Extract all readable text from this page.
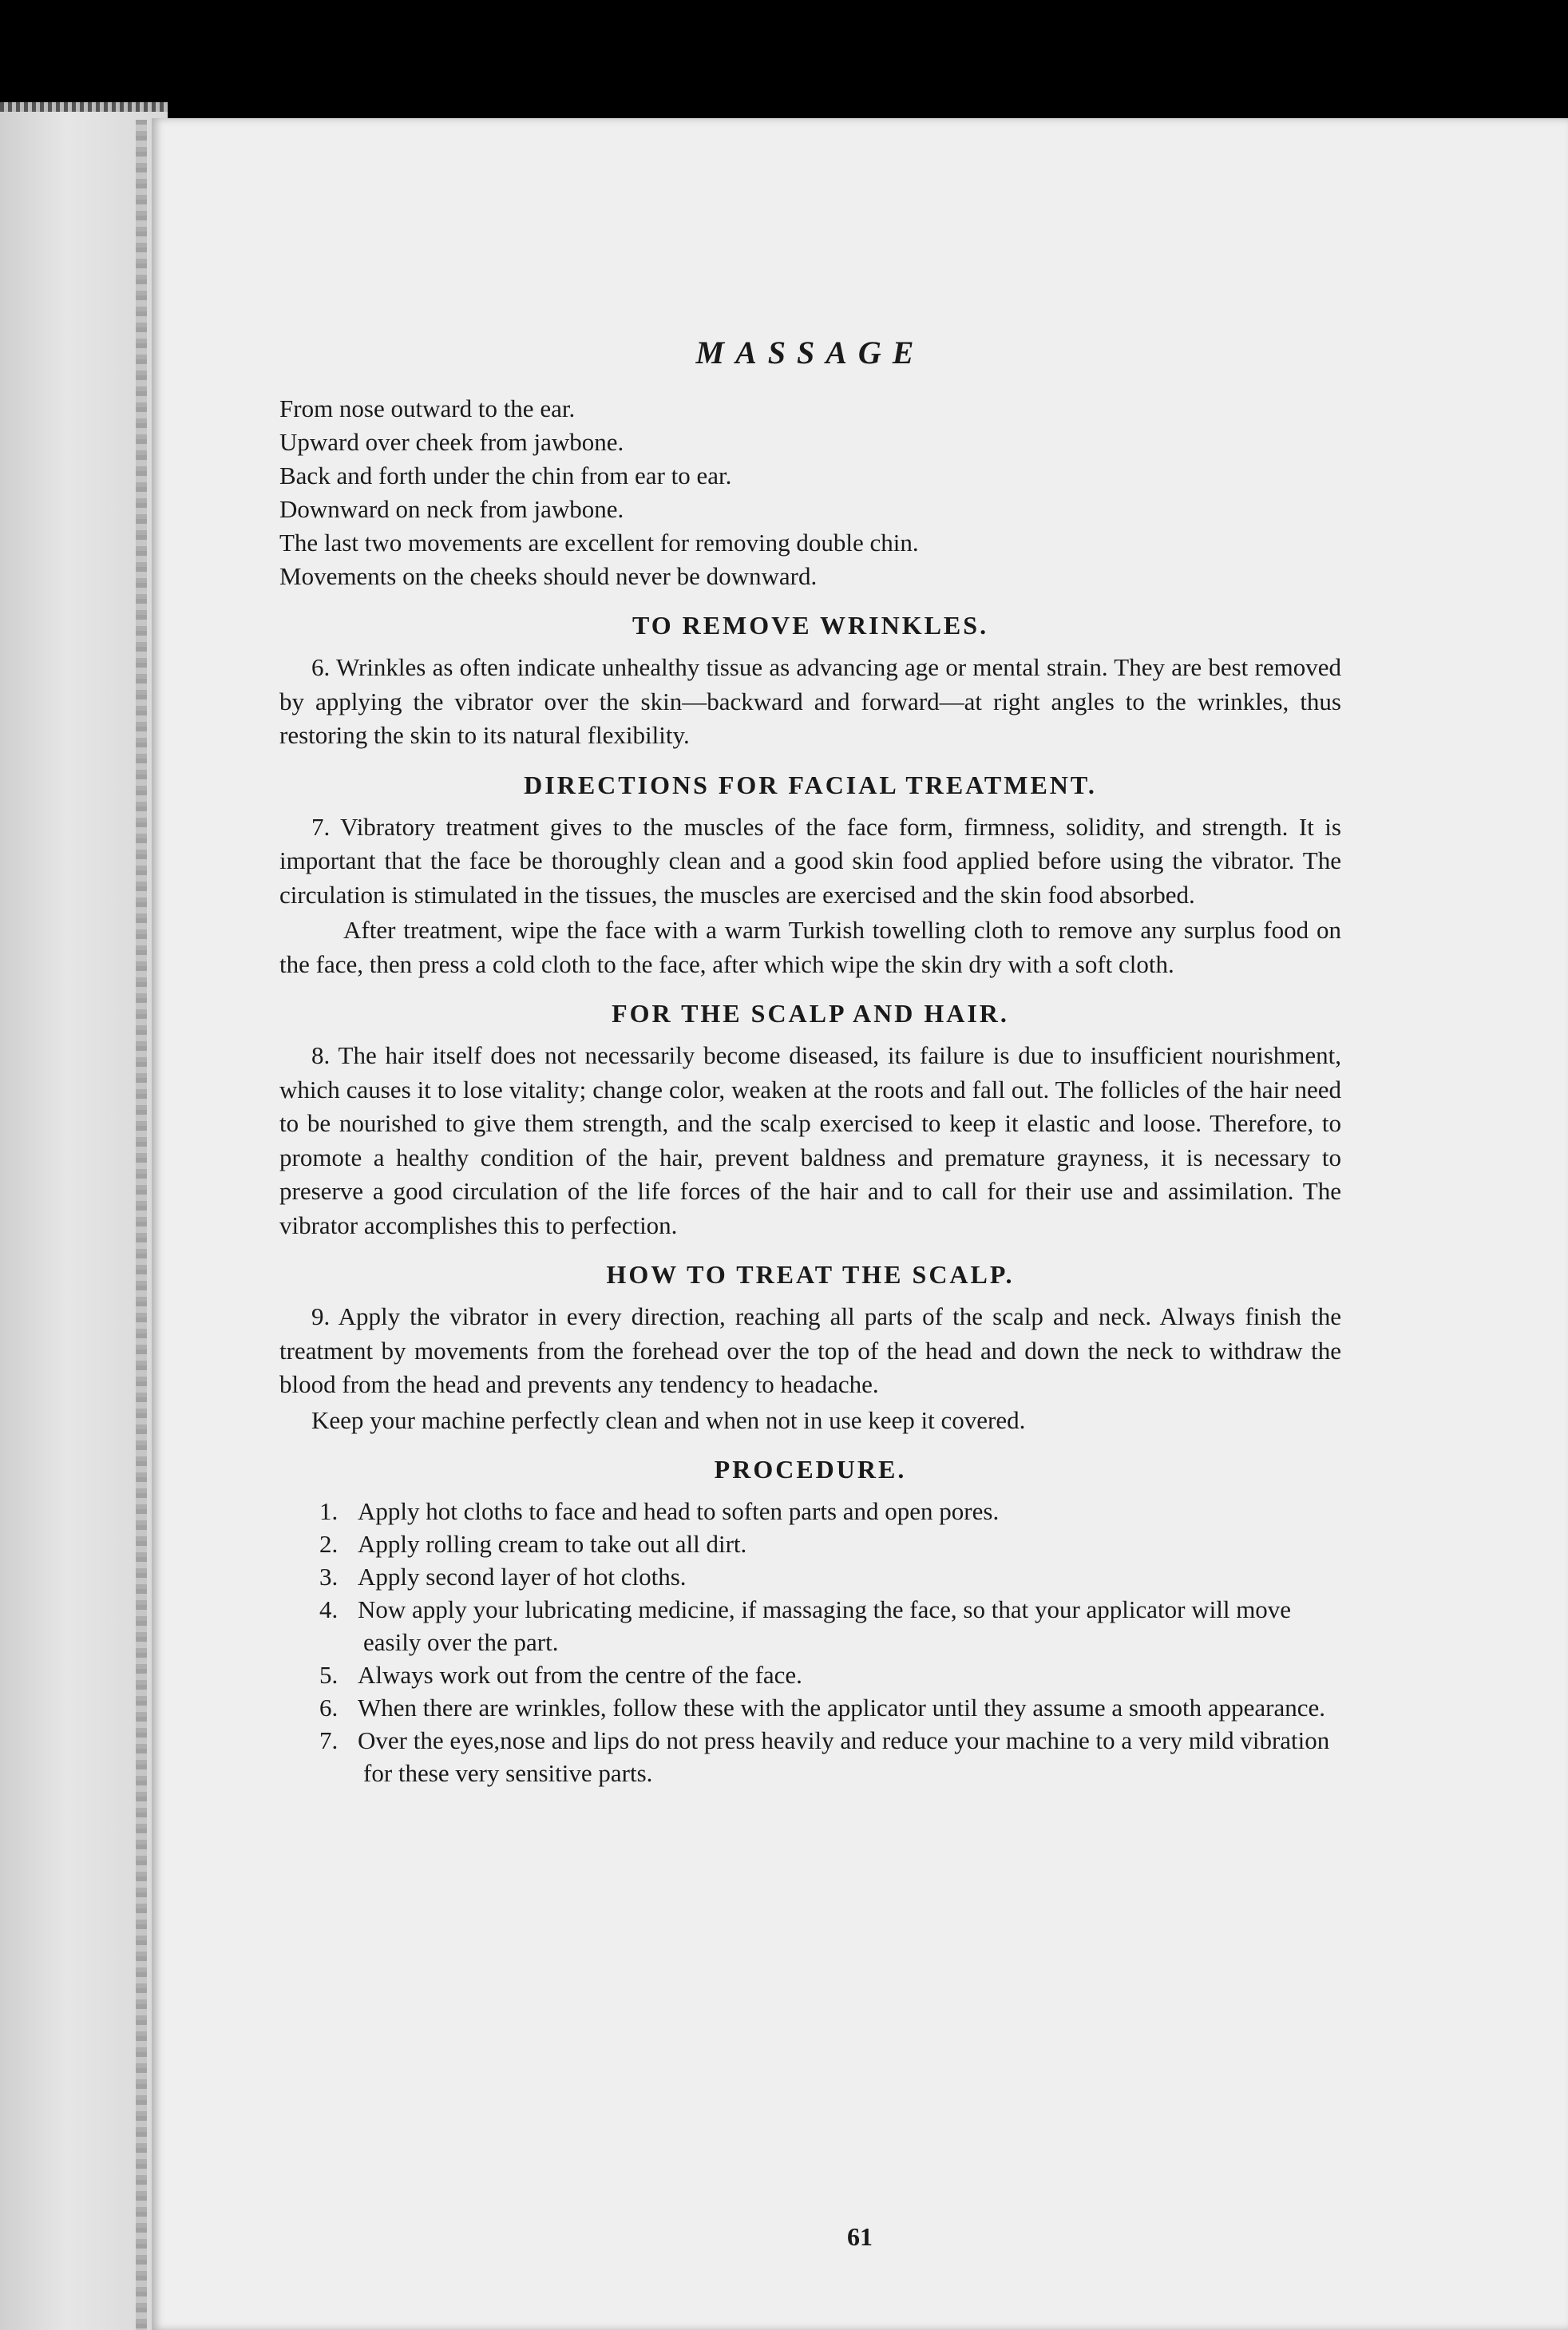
MASSAGE

From nose outward to the ear.

Upward over cheek from jawbone.

Back and forth under the chin from ear to ear.

Downward on neck from jawbone.

The last two movements are excellent for removing double chin.

Movements on the cheeks should never be downward.

TO REMOVE WRINKLES.

6. Wrinkles as often indicate unhealthy tissue as advancing age or mental strain. They are best removed by applying the vibrator over the skin—backward and forward—at right angles to the wrinkles, thus restoring the skin to its natural flexibility.

DIRECTIONS FOR FACIAL TREATMENT.

7. Vibratory treatment gives to the muscles of the face form, firmness, solidity, and strength. It is important that the face be thoroughly clean and a good skin food applied before using the vibrator. The circulation is stimulated in the tissues, the muscles are exercised and the skin food absorbed.

After treatment, wipe the face with a warm Turkish towelling cloth to remove any surplus food on the face, then press a cold cloth to the face, after which wipe the skin dry with a soft cloth.

FOR THE SCALP AND HAIR.

8. The hair itself does not necessarily become diseased, its failure is due to insufficient nourishment, which causes it to lose vitality; change color, weaken at the roots and fall out. The follicles of the hair need to be nourished to give them strength, and the scalp exercised to keep it elastic and loose. Therefore, to promote a healthy condition of the hair, prevent baldness and premature grayness, it is necessary to preserve a good circulation of the life forces of the hair and to call for their use and assimilation. The vibrator accomplishes this to perfection.

HOW TO TREAT THE SCALP.

9. Apply the vibrator in every direction, reaching all parts of the scalp and neck. Always finish the treatment by movements from the forehead over the top of the head and down the neck to withdraw the blood from the head and prevents any tendency to headache.

Keep your machine perfectly clean and when not in use keep it covered.

PROCEDURE.
1. Apply hot cloths to face and head to soften parts and open pores.
2. Apply rolling cream to take out all dirt.
3. Apply second layer of hot cloths.
4. Now apply your lubricating medicine, if massaging the face, so that your applicator will move easily over the part.
5. Always work out from the centre of the face.
6. When there are wrinkles, follow these with the applicator until they assume a smooth appearance.
7. Over the eyes,nose and lips do not press heavily and reduce your machine to a very mild vibration for these very sensitive parts.
61
